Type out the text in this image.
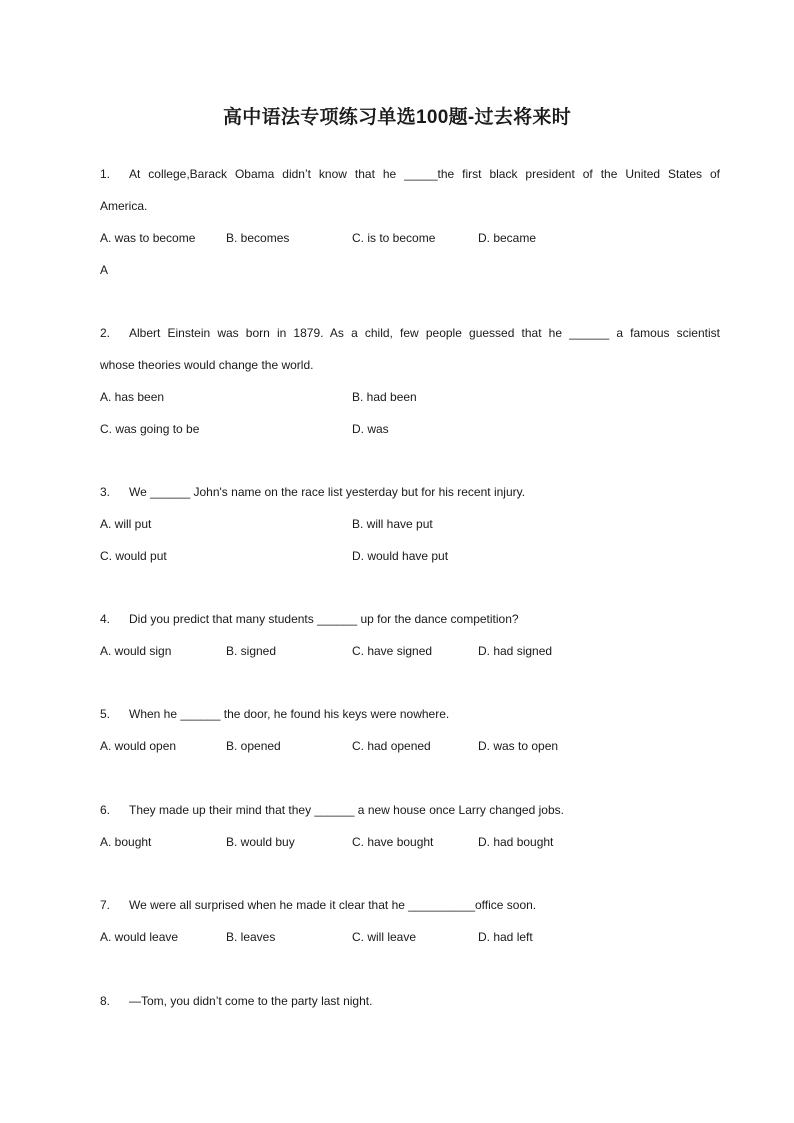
高中语法专项练习单选100题-过去将来时
1. At college,Barack Obama didn’t know that he _____the first black president of the United States of
America.
A. was to become	B. becomes	C. is to become	D. became
A
2. Albert Einstein was born in 1879. As a child, few people guessed that he ______ a famous scientist
whose theories would change the world.
A. has been	B. had been
C. was going to be	D. was
3. We ______ John's name on the race list yesterday but for his recent injury.
A. will put	B. will have put
C. would put	D. would have put
4. Did you predict that many students ______ up for the dance competition?
A. would sign	B. signed	C. have signed	D. had signed
5. When he ______ the door, he found his keys were nowhere.
A. would open	B. opened	C. had opened	D. was to open
6. They made up their mind that they ______ a new house once Larry changed jobs.
A. bought	B. would buy	C. have bought	D. had bought
7. We were all surprised when he made it clear that he __________office soon.
A. would leave	B. leaves	C. will leave	D. had left
8. —Tom, you didn’t come to the party last night.
